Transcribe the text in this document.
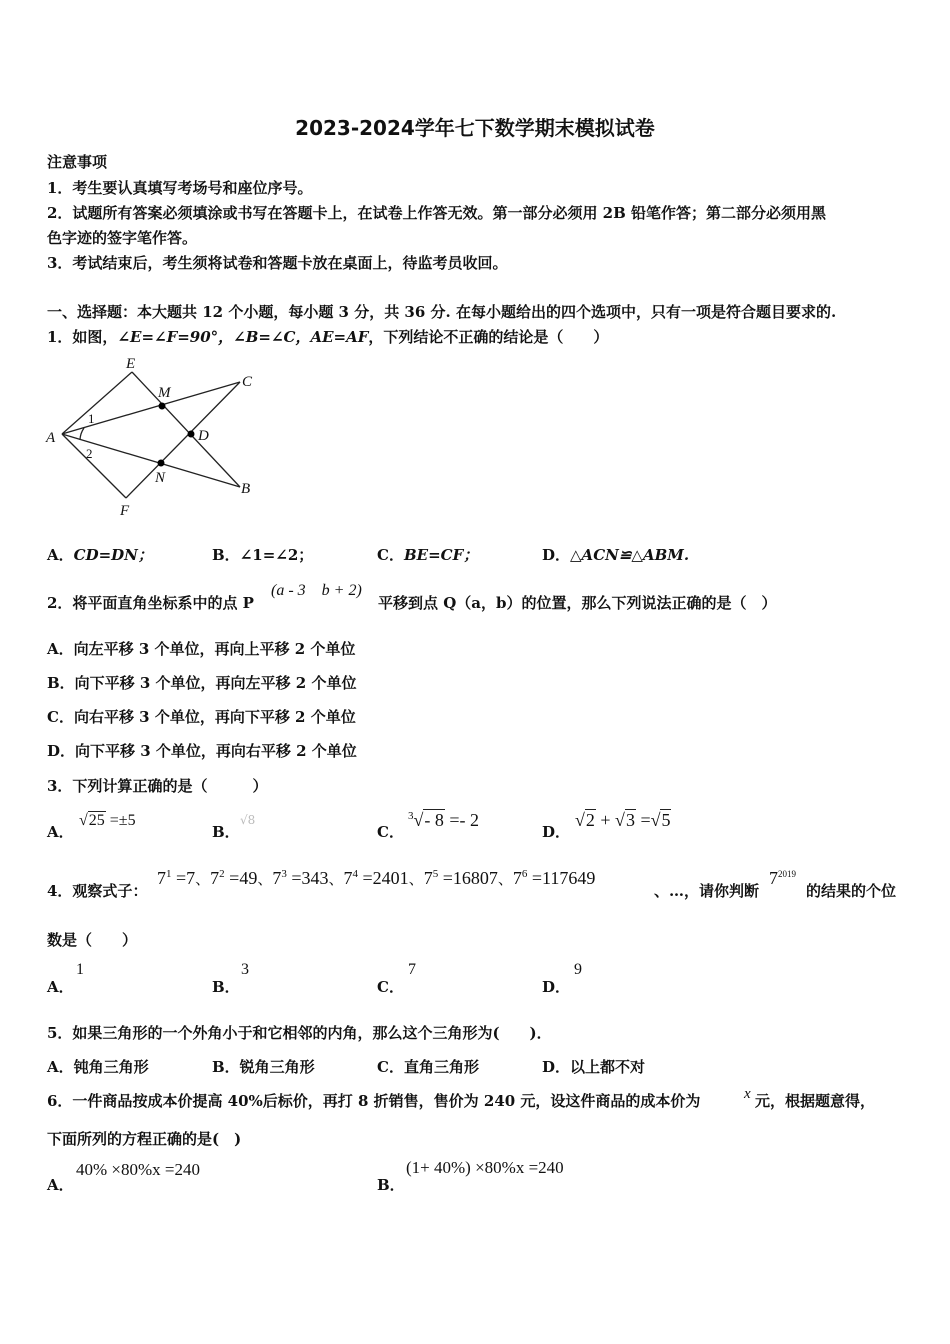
2023-2024学年七下数学期末模拟试卷
注意事项
1．考生要认真填写考场号和座位序号。
2．试题所有答案必须填涂或书写在答题卡上，在试卷上作答无效。第一部分必须用 2B 铅笔作答；第二部分必须用黑
色字迹的签字笔作答。
3．考试结束后，考生须将试卷和答题卡放在桌面上，待监考员收回。
一、选择题：本大题共 12 个小题，每小题 3 分，共 36 分. 在每小题给出的四个选项中，只有一项是符合题目要求的.
1．如图，∠E=∠F=90°，∠B=∠C，AE=AF，下列结论不正确的结论是（　　）
E
M
C
A	D
1
2
N
B
F
A．CD=DN；	B．∠1=∠2；	C．BE=CF；	D．△ACN≌△ABM.
2．将平面直角坐标系中的点 P
(a - 3　b + 2)
平移到点 Q（a，b）的位置，那么下列说法正确的是（　）
A．向左平移 3 个单位，再向上平移 2 个单位
B．向下平移 3 个单位，再向左平移 2 个单位
C．向右平移 3 个单位，再向下平移 2 个单位
D．向下平移 3 个单位，再向右平移 2 个单位
3．下列计算正确的是（　　　）
A．
√25 =±5
B．
√8
C．
$^3$√- 8 =- 2
D．
√2 + √3 =√5
4．观察式子：
$7^1 =7$、$7^2 =49$、$7^3 =343$、$7^4 =2401$、$7^5 =16807$、$7^6 =117649$
、…，请你判断
$7^{2019}$
的结果的个位
数是（　　）
A．
1
B．
3
C．
7
D．
9
5．如果三角形的一个外角小于和它相邻的内角，那么这个三角形为(　　)．
A．钝角三角形	B．锐角三角形	C．直角三角形	D．以上都不对
6．一件商品按成本价提高 40%后标价，再打 8 折销售，售价为 240 元，设这件商品的成本价为	x 元，根据题意得，
下面所列的方程正确的是(　)
A．
40% ×80%x =240
B．
(1+ 40%) ×80%x =240
